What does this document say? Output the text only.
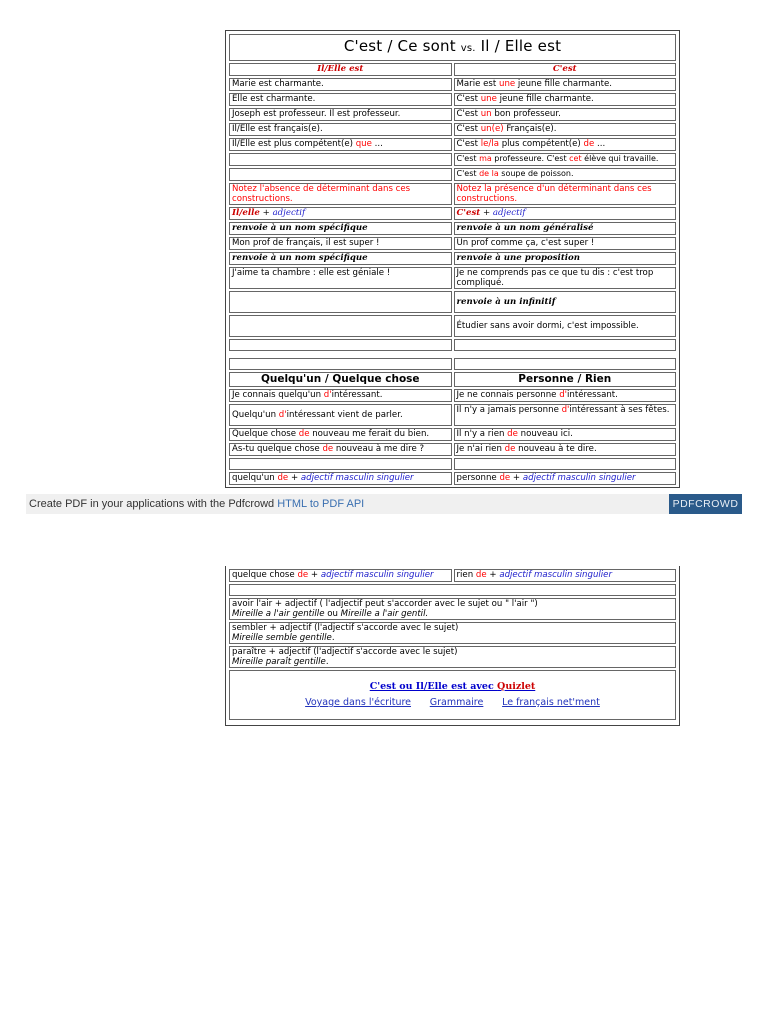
C'est / Ce sont vs. Il / Elle est	
Il/Elle est	C'est
Marie est charmante.	Marie est une jeune fille charmante.
Elle est charmante.	C'est une jeune fille charmante.
Joseph est professeur. Il est professeur.	C'est un bon professeur.
Il/Elle est français(e).	C'est un(e) Français(e).
Il/Elle est plus compétent(e) que ...	C'est le/la plus compétent(e) de ...
	C'est ma professeure. C'est cet élève qui travaille.
	C'est de la soupe de poisson.
Notez l'absence de déterminant dans ces constructions.	Notez la présence d'un déterminant dans ces constructions.
Il/elle + adjectif	C'est + adjectif
renvoie à un nom spécifique	renvoie à un nom généralisé
Mon prof de français, il est super !	Un prof comme ça, c'est super !
renvoie à un nom spécifique	renvoie à une proposition
J'aime ta chambre : elle est géniale !	Je ne comprends pas ce que tu dis : c'est trop compliqué.
	renvoie à un infinitif
	Étudier sans avoir dormi, c'est impossible.

Quelqu'un / Quelque chose	Personne / Rien
Je connais quelqu'un d'intéressant.	Je ne connais personne d'intéressant.
Quelqu'un d'intéressant vient de parler.	Il n'y a jamais personne d'intéressant à ses fêtes.
Quelque chose de nouveau me ferait du bien.	Il n'y a rien de nouveau ici.
As-tu quelque chose de nouveau à me dire ?	Je n'ai rien de nouveau à te dire.

quelqu'un de + adjectif masculin singulier	personne de + adjectif masculin singulier
Create PDF in your applications with the Pdfcrowd HTML to PDF API	PDFCROWD
quelque chose de + adjectif masculin singulier	rien de + adjectif masculin singulier

avoir l'air + adjectif ( l'adjectif peut s'accorder avec le sujet ou " l'air ")
Mireille a l'air gentille ou Mireille a l'air gentil.
sembler + adjectif (l'adjectif s'accorde avec le sujet)
Mireille semble gentille.
paraître + adjectif (l'adjectif s'accorde avec le sujet)
Mireille paraît gentille.

C'est ou Il/Elle est avec Quizlet
Voyage dans l'écriture Grammaire Le français net'ment
